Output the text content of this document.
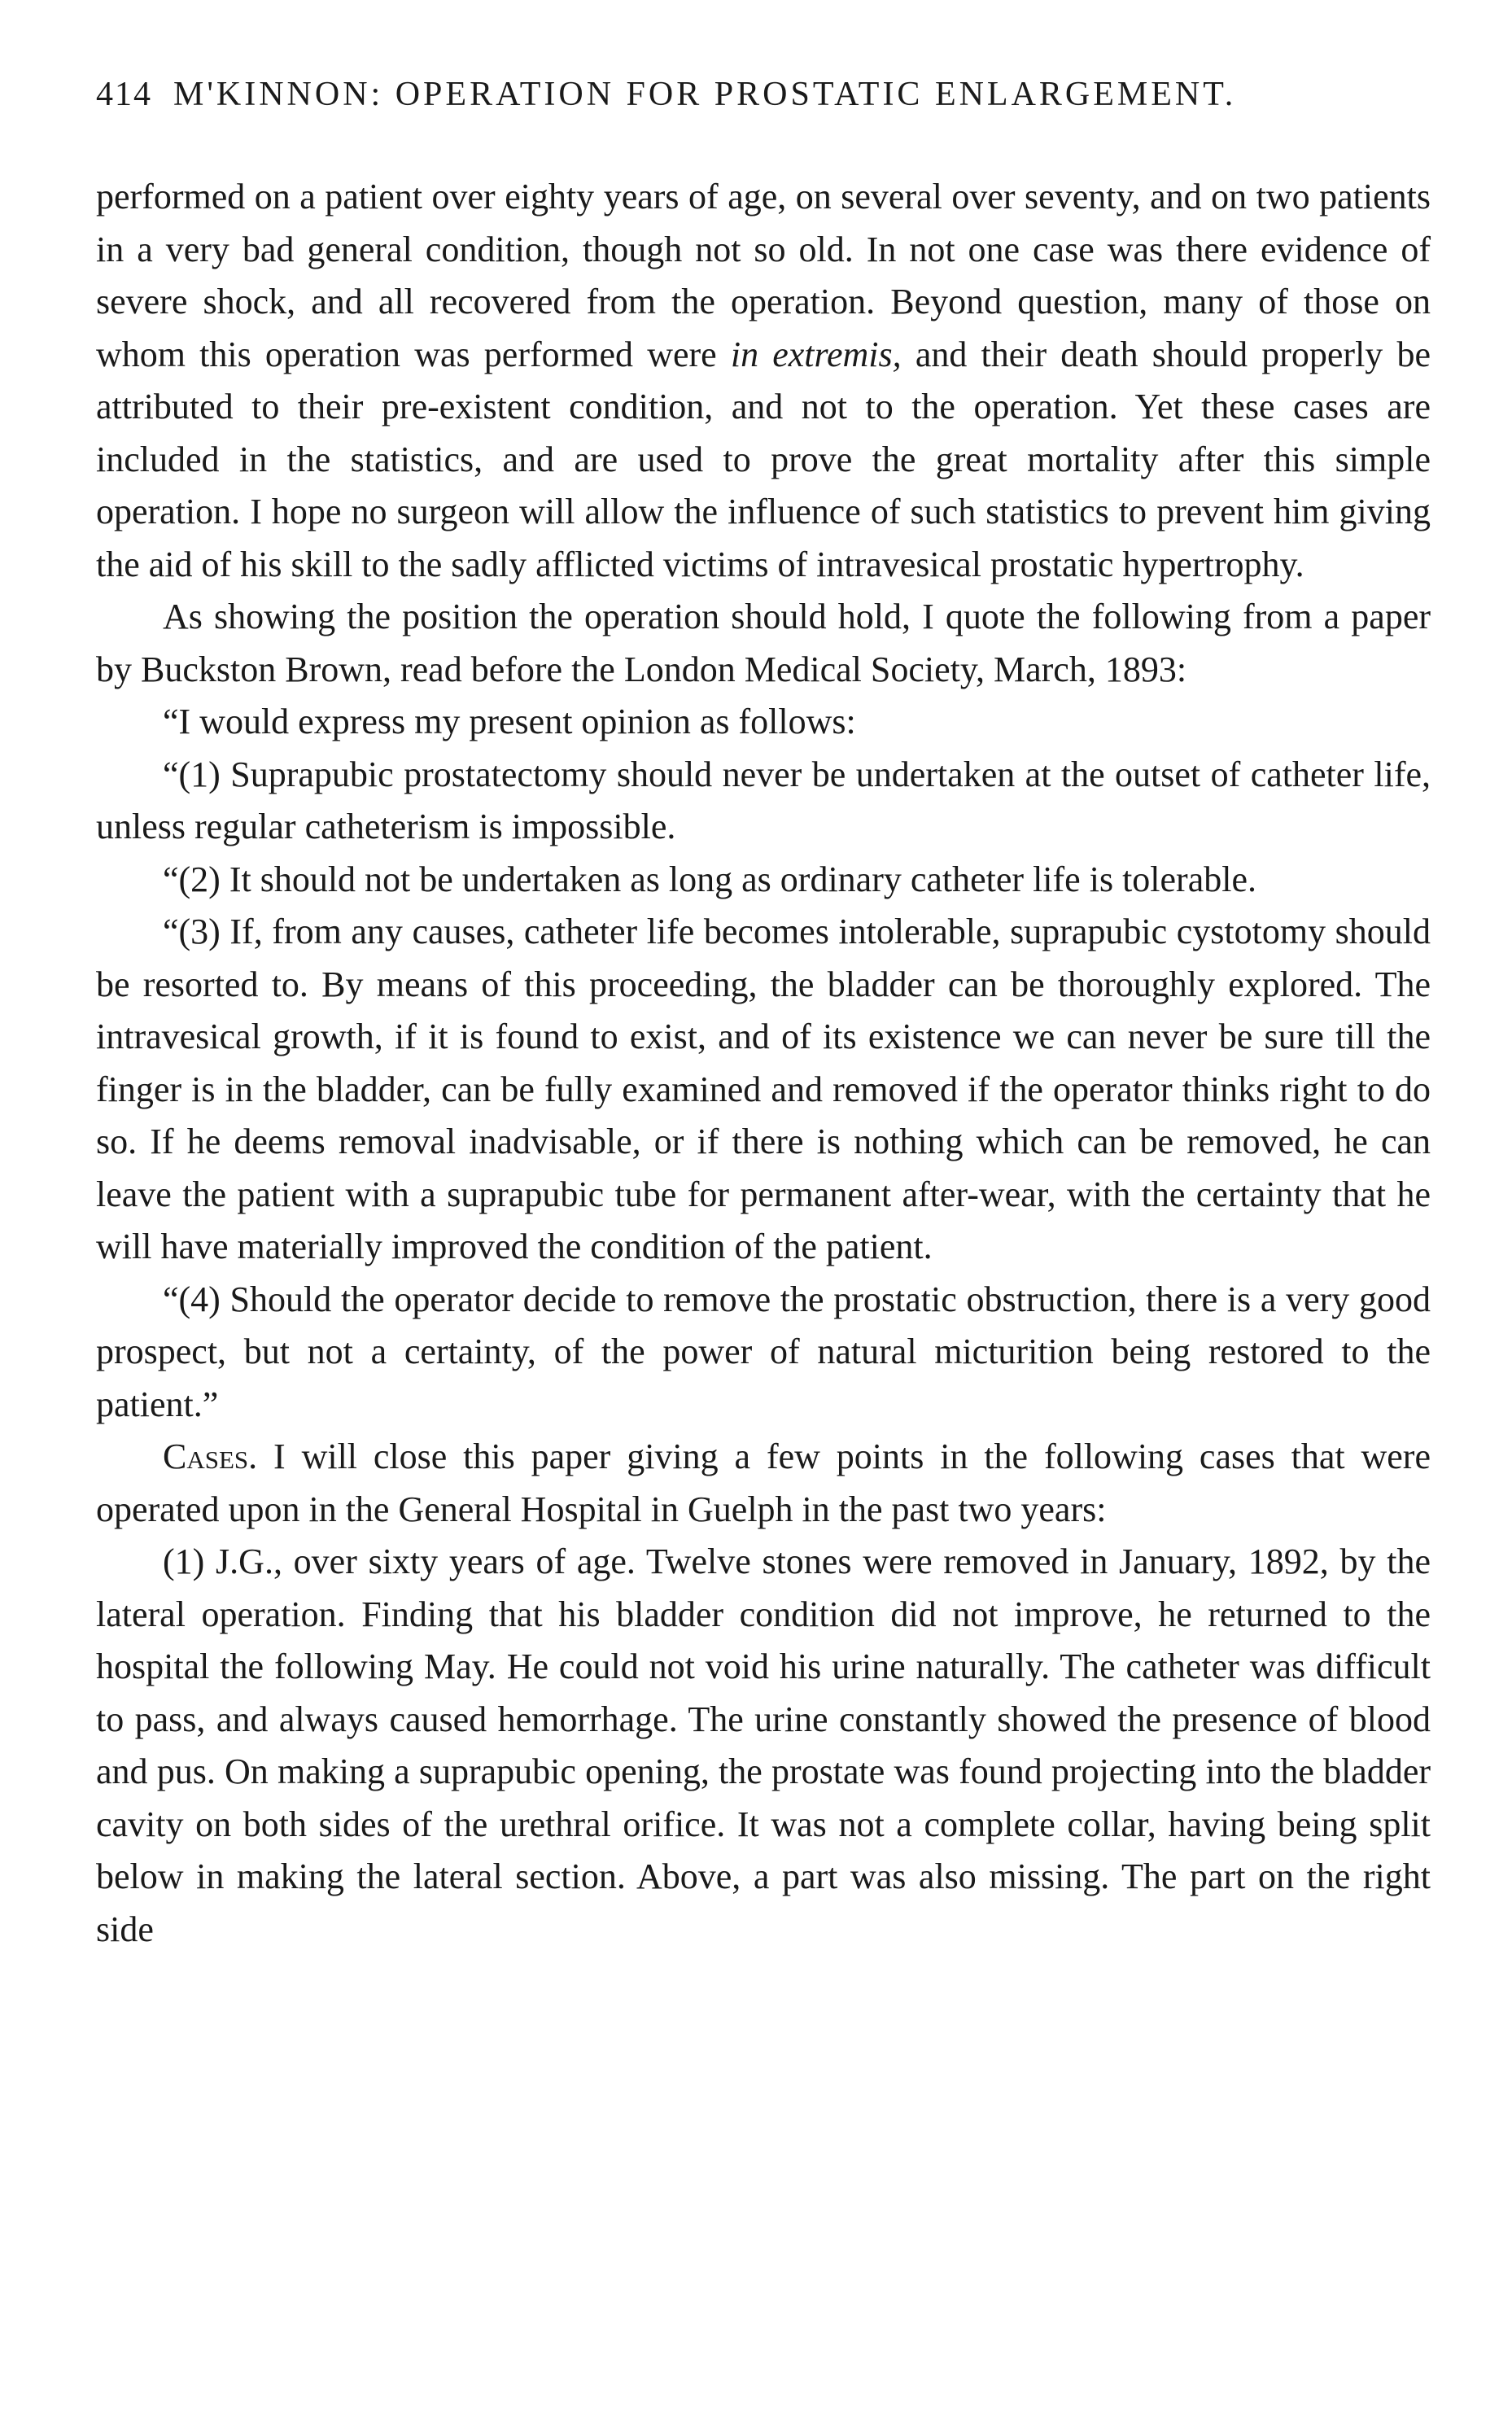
414 M'KINNON: OPERATION FOR PROSTATIC ENLARGEMENT.

performed on a patient over eighty years of age, on several over seventy, and on two patients in a very bad general condition, though not so old. In not one case was there evidence of severe shock, and all recovered from the operation. Beyond question, many of those on whom this operation was performed were in extremis, and their death should properly be attributed to their pre-existent condition, and not to the operation. Yet these cases are included in the statistics, and are used to prove the great mortality after this simple operation. I hope no surgeon will allow the influence of such statistics to prevent him giving the aid of his skill to the sadly afflicted victims of intravesical prostatic hypertrophy.

As showing the position the operation should hold, I quote the following from a paper by Buckston Brown, read before the London Medical Society, March, 1893:

“I would express my present opinion as follows:

“(1) Suprapubic prostatectomy should never be undertaken at the outset of catheter life, unless regular catheterism is impossible.

“(2) It should not be undertaken as long as ordinary catheter life is tolerable.

“(3) If, from any causes, catheter life becomes intolerable, suprapubic cystotomy should be resorted to. By means of this proceeding, the bladder can be thoroughly explored. The intravesical growth, if it is found to exist, and of its existence we can never be sure till the finger is in the bladder, can be fully examined and removed if the operator thinks right to do so. If he deems removal inadvisable, or if there is nothing which can be removed, he can leave the patient with a suprapubic tube for permanent after-wear, with the certainty that he will have materially improved the condition of the patient.

“(4) Should the operator decide to remove the prostatic obstruction, there is a very good prospect, but not a certainty, of the power of natural micturition being restored to the patient.”

Cases. I will close this paper giving a few points in the following cases that were operated upon in the General Hospital in Guelph in the past two years:

(1) J.G., over sixty years of age. Twelve stones were removed in January, 1892, by the lateral operation. Finding that his bladder condition did not improve, he returned to the hospital the following May. He could not void his urine naturally. The catheter was difficult to pass, and always caused hemorrhage. The urine constantly showed the presence of blood and pus. On making a suprapubic opening, the prostate was found projecting into the bladder cavity on both sides of the urethral orifice. It was not a complete collar, having being split below in making the lateral section. Above, a part was also missing. The part on the right side
